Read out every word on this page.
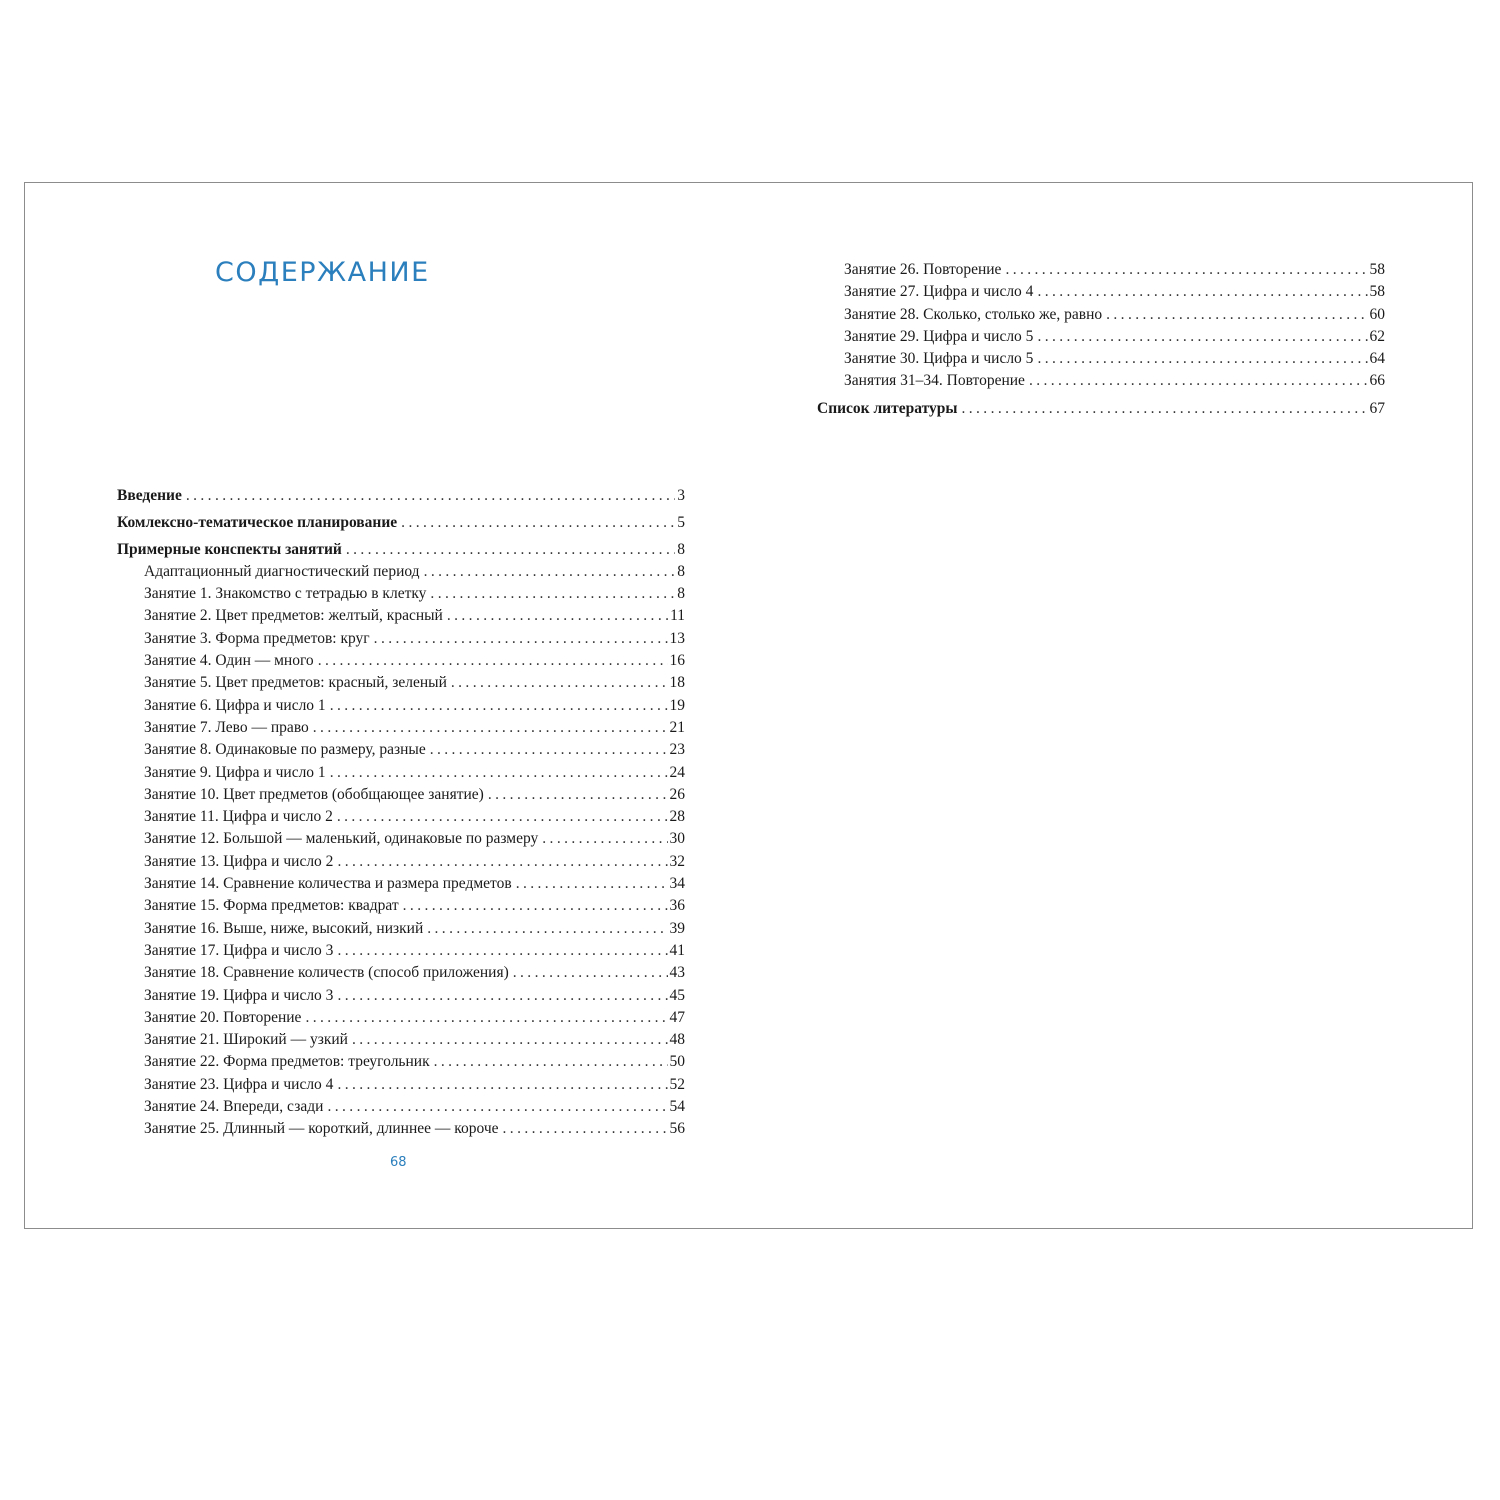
СОДЕРЖАНИЕ
Введение .....	3
Комлексно-тематическое планирование .....	5
Примерные конспекты занятий .....	8
Адаптационный диагностический период .....	8
Занятие 1. Знакомство с тетрадью в клетку .....	8
Занятие 2. Цвет предметов: желтый, красный .....	11
Занятие 3. Форма предметов: круг .....	13
Занятие 4. Один — много .....	16
Занятие 5. Цвет предметов: красный, зеленый .....	18
Занятие 6. Цифра и число 1 .....	19
Занятие 7. Лево — право .....	21
Занятие 8. Одинаковые по размеру, разные .....	23
Занятие 9. Цифра и число 1 .....	24
Занятие 10. Цвет предметов (обобщающее занятие) .....	26
Занятие 11. Цифра и число 2 .....	28
Занятие 12. Большой — маленький, одинаковые по размеру .....	30
Занятие 13. Цифра и число 2 .....	32
Занятие 14. Сравнение количества и размера предметов .....	34
Занятие 15. Форма предметов: квадрат .....	36
Занятие 16. Выше, ниже, высокий, низкий .....	39
Занятие 17. Цифра и число 3 .....	41
Занятие 18. Сравнение количеств (способ приложения) .....	43
Занятие 19. Цифра и число 3 .....	45
Занятие 20. Повторение .....	47
Занятие 21. Широкий — узкий .....	48
Занятие 22. Форма предметов: треугольник .....	50
Занятие 23. Цифра и число 4 .....	52
Занятие 24. Впереди, сзади .....	54
Занятие 25. Длинный — короткий, длиннее — короче .....	56
68
Занятие 26. Повторение .....	58
Занятие 27. Цифра и число 4 .....	58
Занятие 28. Сколько, столько же, равно .....	60
Занятие 29. Цифра и число 5 .....	62
Занятие 30. Цифра и число 5 .....	64
Занятия 31–34. Повторение .....	66
Список литературы .....	67
